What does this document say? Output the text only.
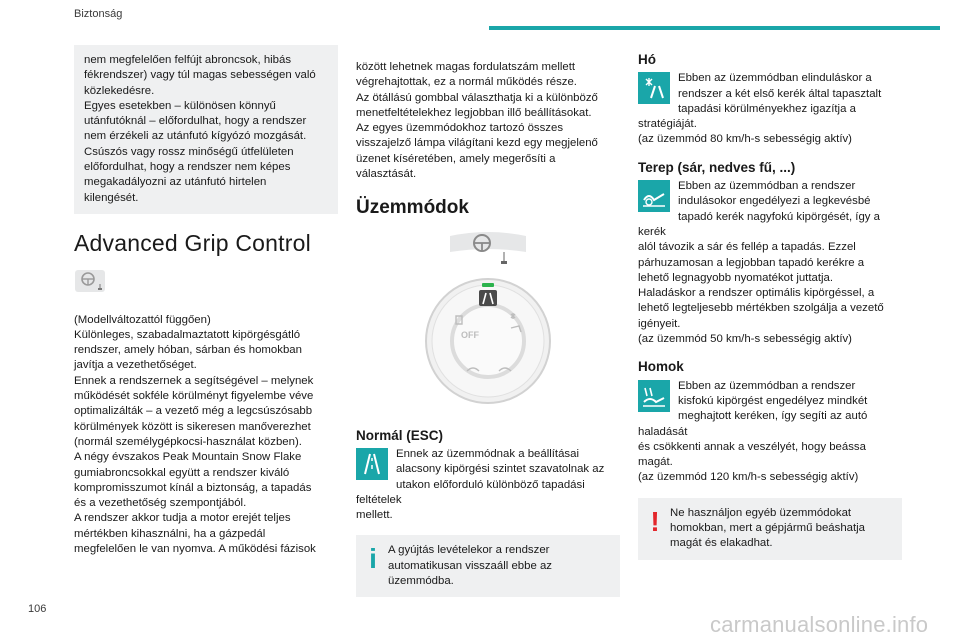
Biztonság

nem megfelelően felfújt abroncsok, hibás
fékrendszer) vagy túl magas sebességen való
közlekedésre.
Egyes esetekben – különösen könnyű
utánfutóknál – előfordulhat, hogy a rendszer
nem érzékeli az utánfutó kígyózó mozgását.
Csúszós vagy rossz minőségű útfelületen
előfordulhat, hogy a rendszer nem képes
megakadályozni az utánfutó hirtelen
kilengését.

Advanced Grip Control

(Modellváltozattól függően)
Különleges, szabadalmaztatott kipörgésgátló
rendszer, amely hóban, sárban és homokban
javítja a vezethetőséget.
Ennek a rendszernek a segítségével – melynek
működését sokféle körülményt figyelembe véve
optimalizálták – a vezető még a legcsúszósabb
körülmények között is sikeresen manőverezhet
(normál személygépkocsi-használat közben).
A négy évszakos Peak Mountain Snow Flake
gumiabroncsokkal együtt a rendszer kiváló
kompromisszumot kínál a biztonság, a tapadás
és a vezethetőség szempontjából.
A rendszer akkor tudja a motor erejét teljes
mértékben kihasználni, ha a gázpedál
megfelelően le van nyomva. A működési fázisok

között lehetnek magas fordulatszám mellett
végrehajtottak, ez a normál működés része.
Az ötállású gombbal választhatja ki a különböző
menetfeltételekhez legjobban illő beállításokat.
Az egyes üzemmódokhoz tartozó összes
visszajelző lámpa világítani kezd egy megjelenő
üzenet kíséretében, amely megerősíti a
választását.

Üzemmódok
OFF
Normál (ESC)

Ennek az üzemmódnak a beállításai
alacsony kipörgési szintet szavatolnak az
utakon előforduló különböző tapadási feltételek
mellett.

i A gyújtás levételekor a rendszer
automatikusan visszaáll ebbe az
üzemmódba.

Hó

Ebben az üzemmódban elinduláskor a
rendszer a két első kerék által tapasztalt
tapadási körülményekhez igazítja a stratégiáját.
(az üzemmód 80 km/h-s sebességig aktív)

Terep (sár, nedves fű, ...)

Ebben az üzemmódban a rendszer
indulásokor engedélyezi a legkevésbé
tapadó kerék nagyfokú kipörgését, így a kerék
alól távozik a sár és fellép a tapadás. Ezzel
párhuzamosan a legjobban tapadó kerékre a
lehető legnagyobb nyomatékot juttatja.
Haladáskor a rendszer optimális kipörgéssel, a
lehető legteljesebb mértékben szolgálja a vezető
igényeit.
(az üzemmód 50 km/h-s sebességig aktív)

Homok

Ebben az üzemmódban a rendszer
kisfokú kipörgést engedélyez mindkét
meghajtott keréken, így segíti az autó haladását
és csökkenti annak a veszélyét, hogy beássa
magát.
(az üzemmód 120 km/h-s sebességig aktív)

! Ne használjon egyéb üzemmódokat
homokban, mert a gépjármű beáshatja
magát és elakadhat.

106
carmanualsonline.info
